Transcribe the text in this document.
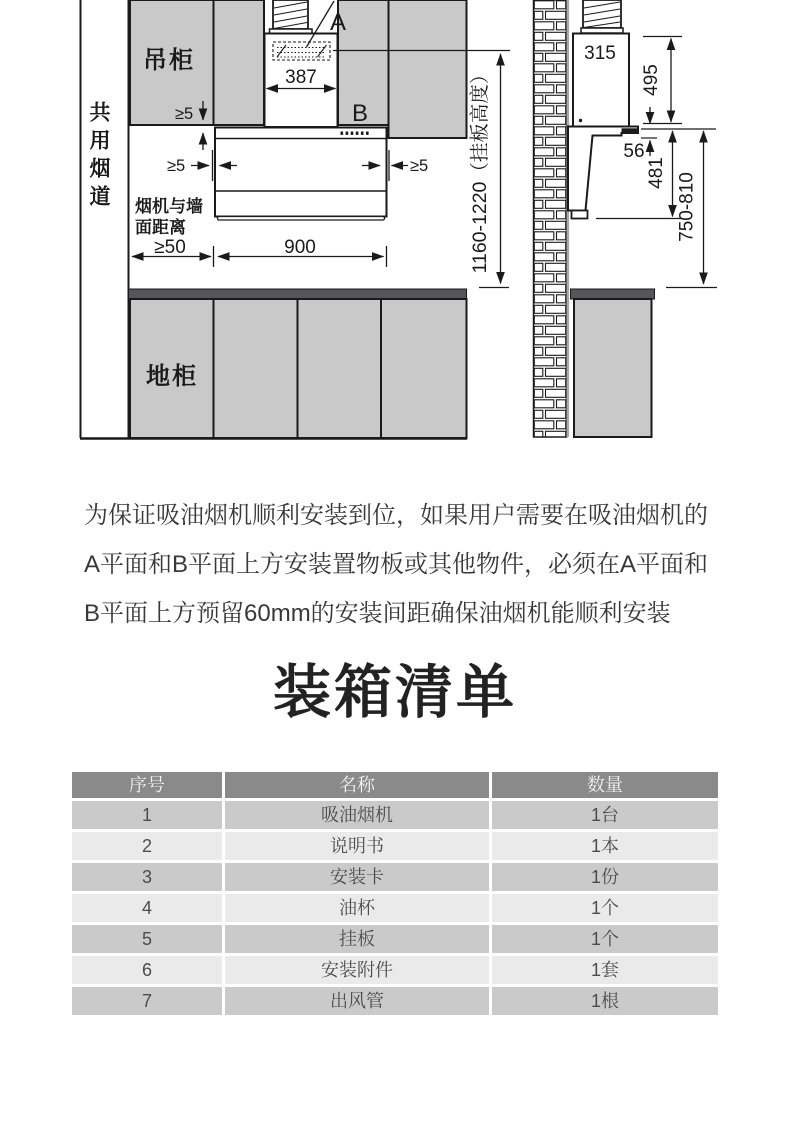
A
B
387
≥5
≥5	≥5
≥50	900	1160-1220（挂板高度）
315
495
56
481 750-810
吊柜
共用烟道 烟机与墙
面距离
地柜
为保证吸油烟机顺利安装到位，如果用户需要在吸油烟机的
A平面和B平面上方安装置物板或其他物件，必须在A平面和
B平面上方预留60mm的安装间距确保油烟机能顺利安装
装箱清单
序号	名称	数量
1	吸油烟机	1台
2	说明书	1本
3	安装卡	1份
4	油杯	1个
5	挂板	1个
6	安装附件	1套
7	出风管	1根
